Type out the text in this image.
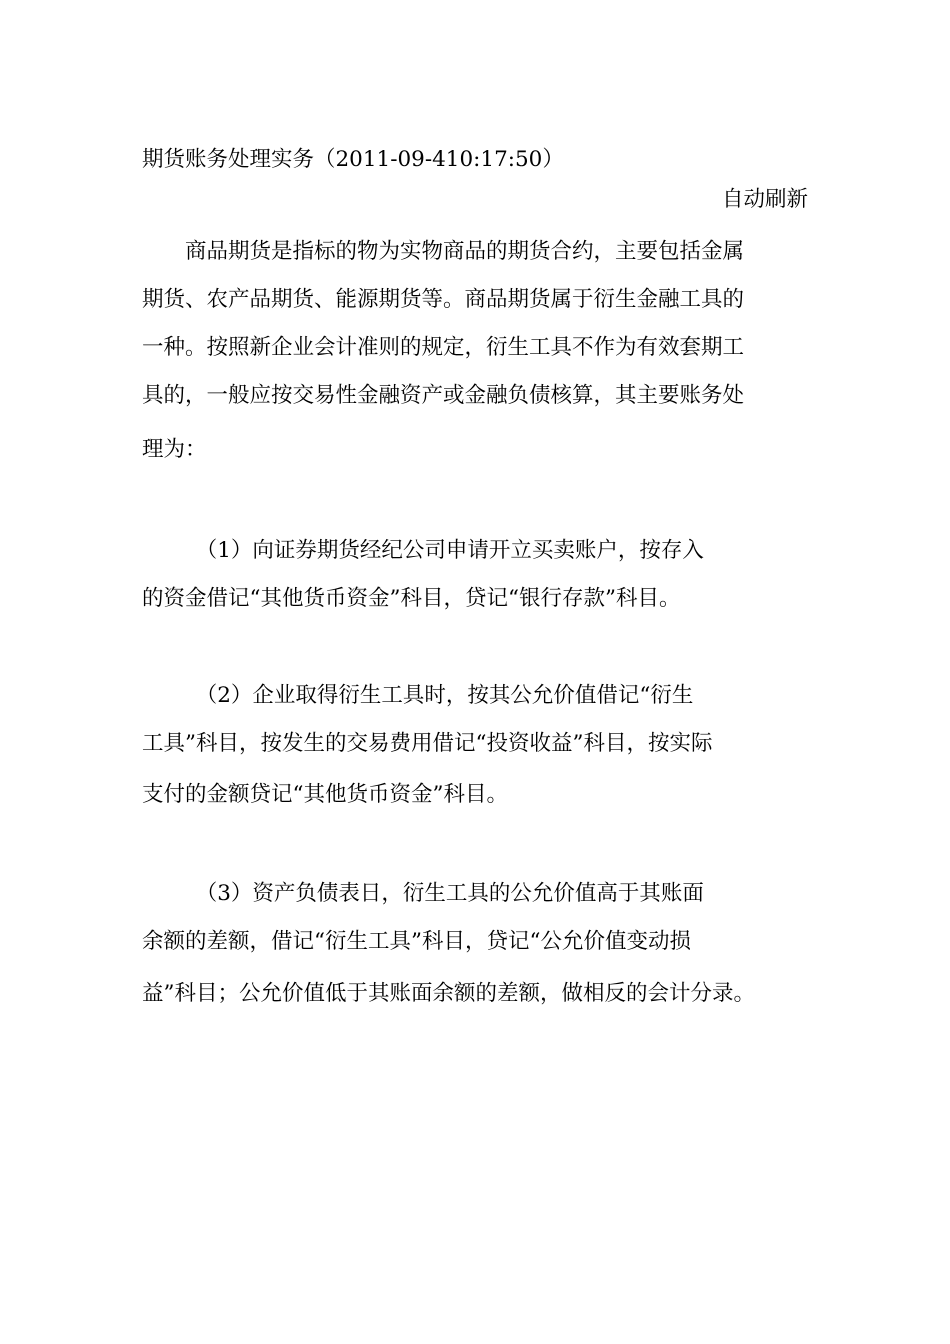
期货账务处理实务（2011-09-410:17:50）
自动刷新
　　商品期货是指标的物为实物商品的期货合约，主要包括金属
期货、农产品期货、能源期货等。商品期货属于衍生金融工具的
一种。按照新企业会计准则的规定，衍生工具不作为有效套期工
具的，一般应按交易性金融资产或金融负债核算，其主要账务处
理为：
　　　（1）向证券期货经纪公司申请开立买卖账户，按存入
的资金借记“其他货币资金”科目，贷记“银行存款”科目。
　　　（2）企业取得衍生工具时，按其公允价值借记“衍生
工具”科目，按发生的交易费用借记“投资收益”科目，按实际
支付的金额贷记“其他货币资金”科目。
　　　（3）资产负债表日，衍生工具的公允价值高于其账面
余额的差额，借记“衍生工具”科目，贷记“公允价值变动损
益”科目；公允价值低于其账面余额的差额，做相反的会计分录。
